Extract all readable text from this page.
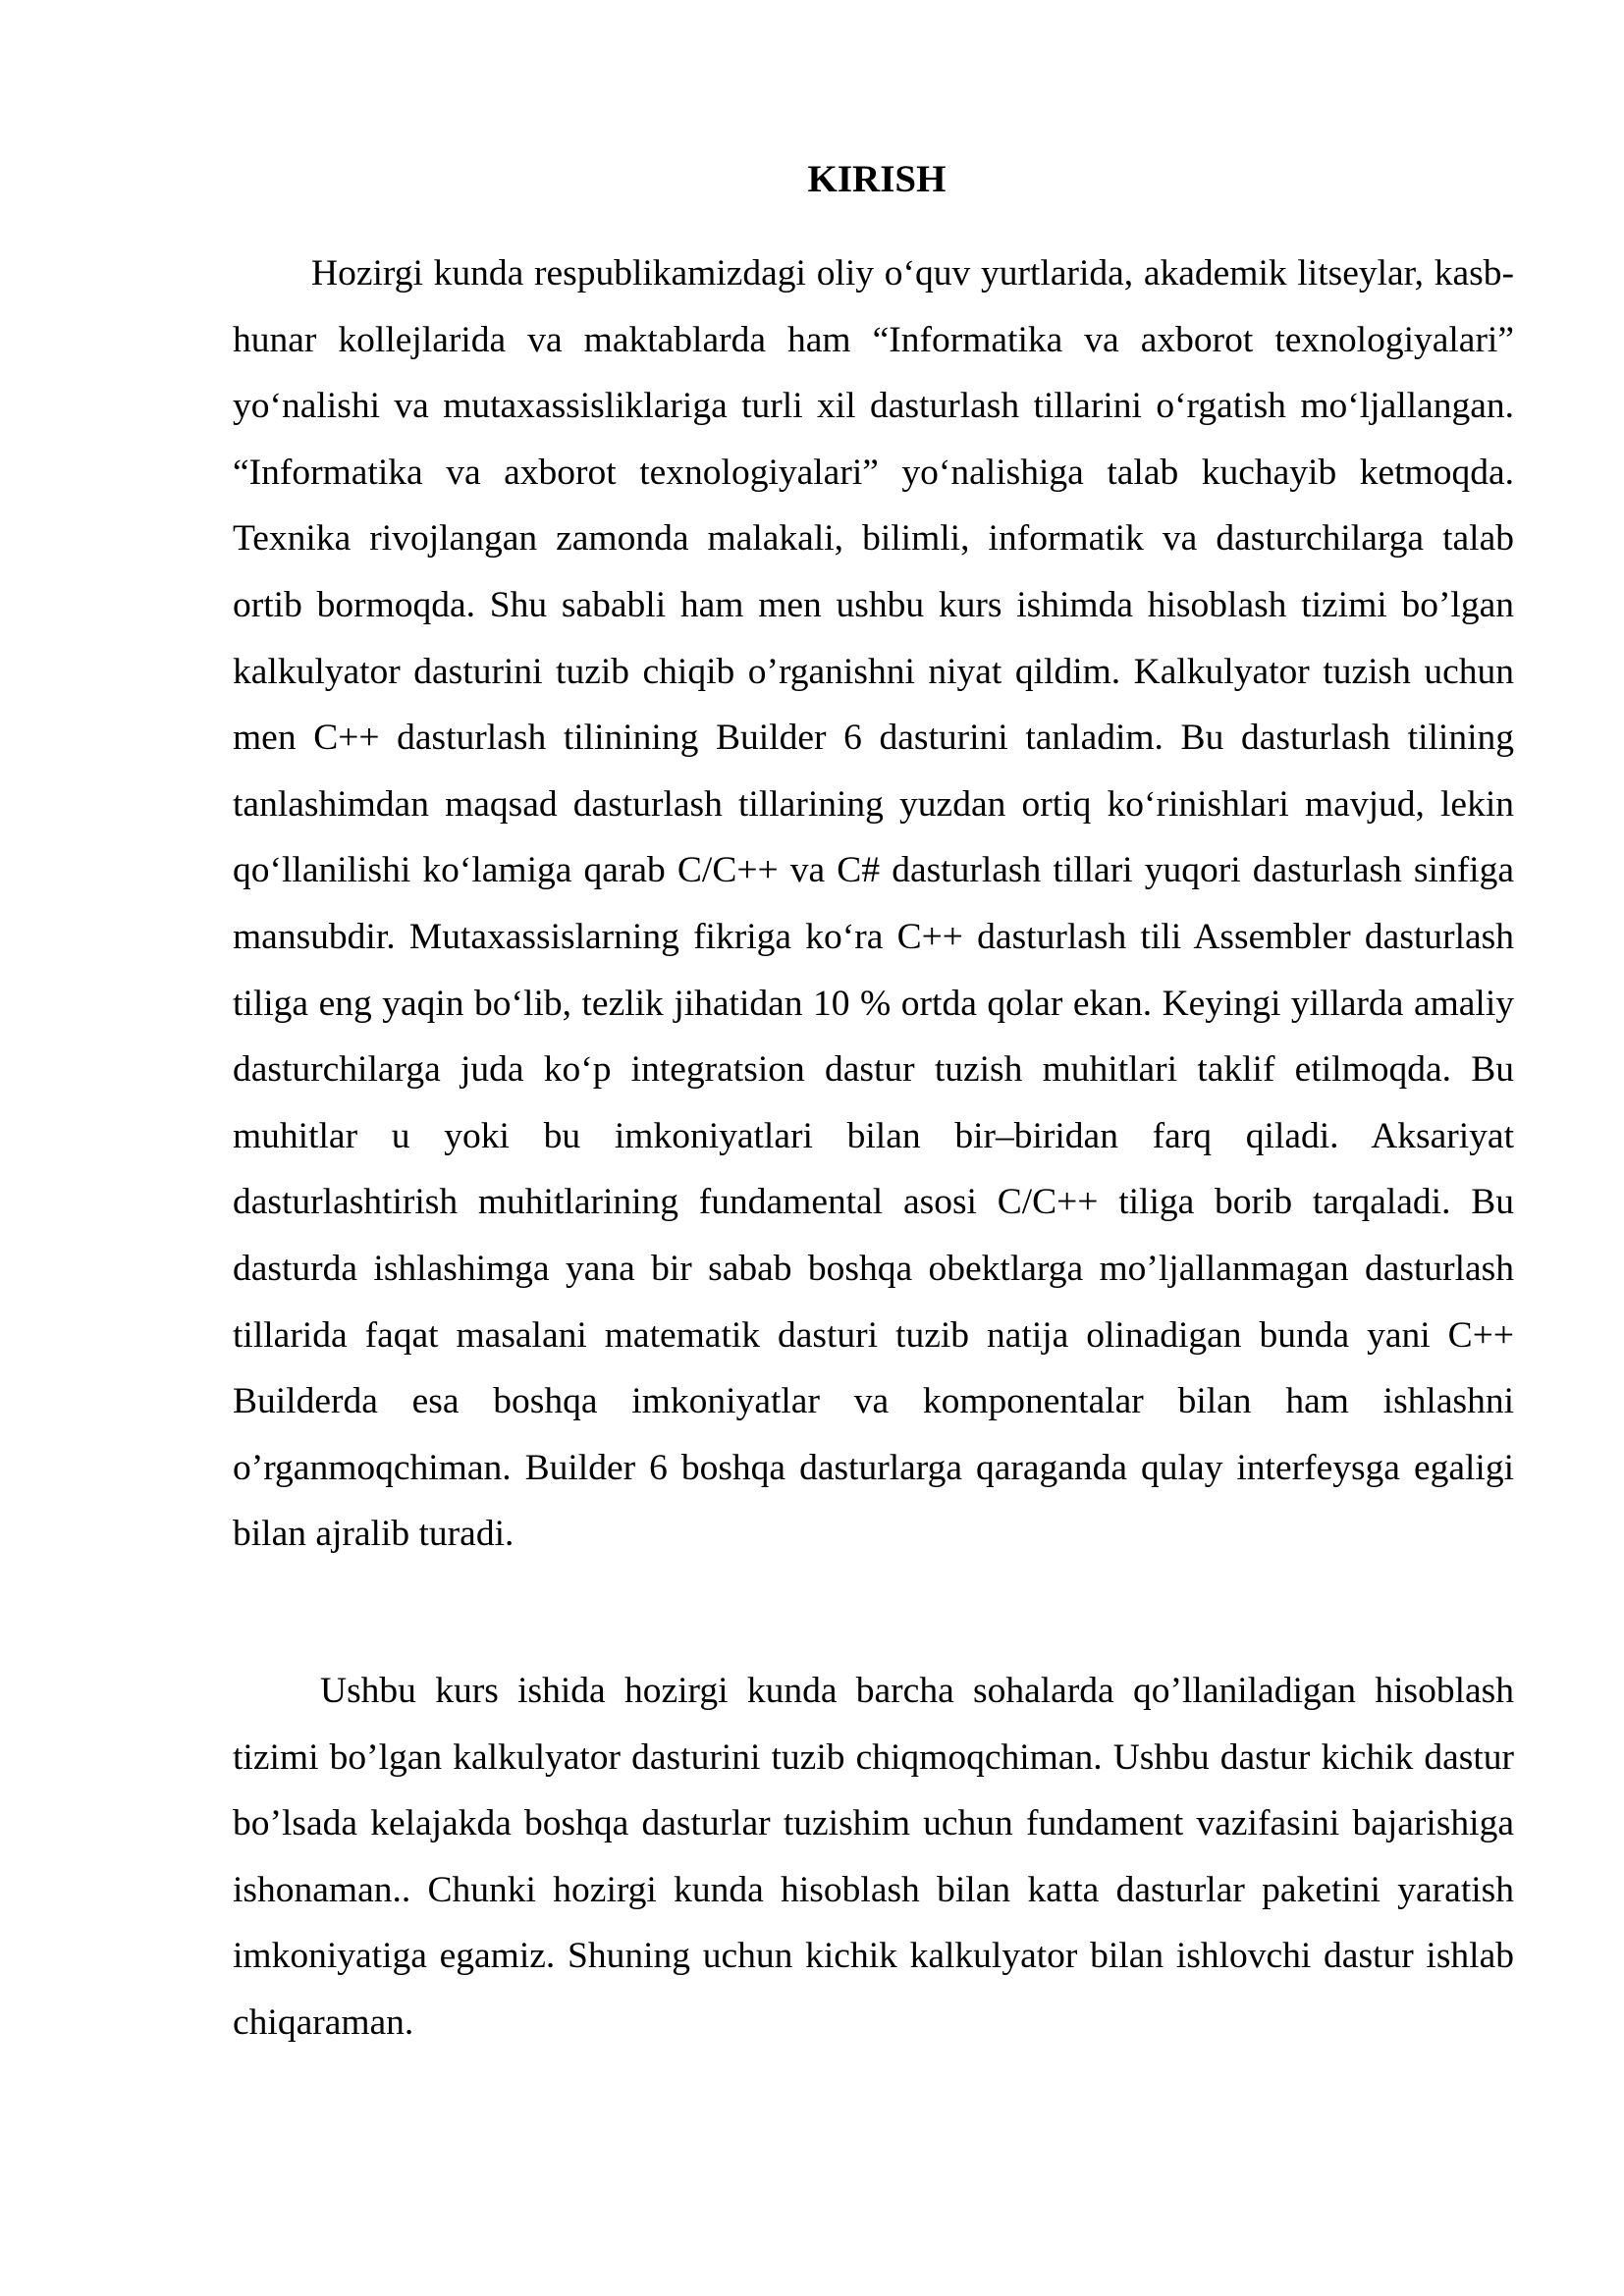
KIRISH

Hozirgi kunda respublikamizdagi oliy o‘quv yurtlarida, akademik litseylar, kasb-hunar kollejlarida va maktablarda ham “Informatika va axborot texnologiyalari” yo‘nalishi va mutaxassisliklariga turli xil dasturlash tillarini o‘rgatish mo‘ljallangan. “Informatika va axborot texnologiyalari” yo‘nalishiga talab kuchayib ketmoqda. Texnika rivojlangan zamonda malakali, bilimli, informatik va dasturchilarga talab ortib bormoqda. Shu sababli ham men ushbu kurs ishimda hisoblash tizimi bo’lgan kalkulyator dasturini tuzib chiqib o’rganishni niyat qildim. Kalkulyator tuzish uchun men C++ dasturlash tilinining Builder 6 dasturini tanladim. Bu dasturlash tilining tanlashimdan maqsad dasturlash tillarining yuzdan ortiq ko‘rinishlari mavjud, lekin qo‘llanilishi ko‘lamiga qarab C/C++ va C# dasturlash tillari yuqori dasturlash sinfiga mansubdir. Mutaxassislarning fikriga ko‘ra C++ dasturlash tili Assembler dasturlash tiliga eng yaqin bo‘lib, tezlik jihatidan 10 % ortda qolar ekan. Keyingi yillarda amaliy dasturchilarga juda ko‘p integratsion dastur tuzish muhitlari taklif etilmoqda. Bu muhitlar u yoki bu imkoniyatlari bilan bir–biridan farq qiladi. Aksariyat dasturlashtirish muhitlarining fundamental asosi C/C++ tiliga borib tarqaladi. Bu dasturda ishlashimga yana bir sabab boshqa obektlarga mo’ljallanmagan dasturlash tillarida faqat masalani matematik dasturi tuzib natija olinadigan bunda yani C++ Builderda esa boshqa imkoniyatlar va komponentalar bilan ham ishlashni o’rganmoqchiman. Builder 6 boshqa dasturlarga qaraganda qulay interfeysga egaligi bilan ajralib turadi.

Ushbu kurs ishida hozirgi kunda barcha sohalarda qo’llaniladigan hisoblash tizimi bo’lgan kalkulyator dasturini tuzib chiqmoqchiman. Ushbu dastur kichik dastur bo’lsada kelajakda boshqa dasturlar tuzishim uchun fundament vazifasini bajarishiga ishonaman.. Chunki hozirgi kunda hisoblash bilan katta dasturlar paketini yaratish imkoniyatiga egamiz. Shuning uchun kichik kalkulyator bilan ishlovchi dastur ishlab chiqaraman.
